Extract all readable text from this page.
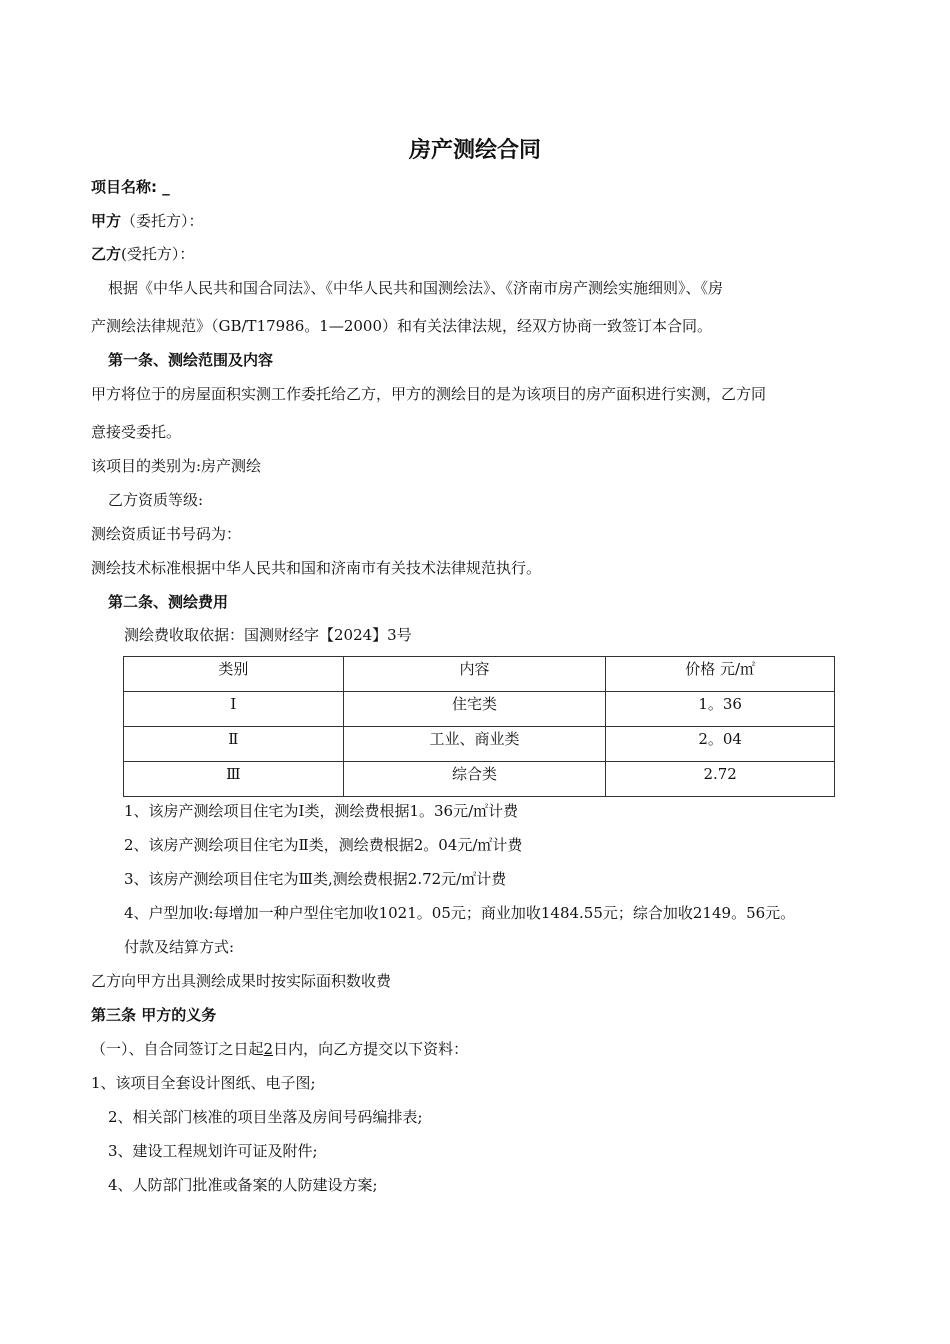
房产测绘合同
项目名称: _
甲方（委托方）：
乙方(受托方）：
根据《中华人民共和国合同法》、《中华人民共和国测绘法》、《济南市房产测绘实施细则》、《房
产测绘法律规范》（GB/T17986。1—2000）和有关法律法规，经双方协商一致签订本合同。
第一条、测绘范围及内容
甲方将位于的房屋面积实测工作委托给乙方，甲方的测绘目的是为该项目的房产面积进行实测，乙方同
意接受委托。
该项目的类别为:房产测绘
乙方资质等级:
测绘资质证书号码为：
测绘技术标准根据中华人民共和国和济南市有关技术法律规范执行。
第二条、测绘费用
测绘费收取依据：国测财经字【2024】3号
类别	内容	价格 元/㎡
Ⅰ	住宅类	1。36
Ⅱ	工业、商业类	2。04
Ⅲ	综合类	2.72
1、该房产测绘项目住宅为Ⅰ类，测绘费根据1。36元/㎡计费
2、该房产测绘项目住宅为Ⅱ类，测绘费根据2。04元/㎡计费
3、该房产测绘项目住宅为Ⅲ类,测绘费根据2.72元/㎡计费
4、户型加收:每增加一种户型住宅加收1021。05元；商业加收1484.55元；综合加收2149。56元。
付款及结算方式:
乙方向甲方出具测绘成果时按实际面积数收费
第三条 甲方的义务
（一）、自合同签订之日起2日内，向乙方提交以下资料：
1、该项目全套设计图纸、电子图;
2、相关部门核准的项目坐落及房间号码编排表;
3、建设工程规划许可证及附件;
4、人防部门批准或备案的人防建设方案;
